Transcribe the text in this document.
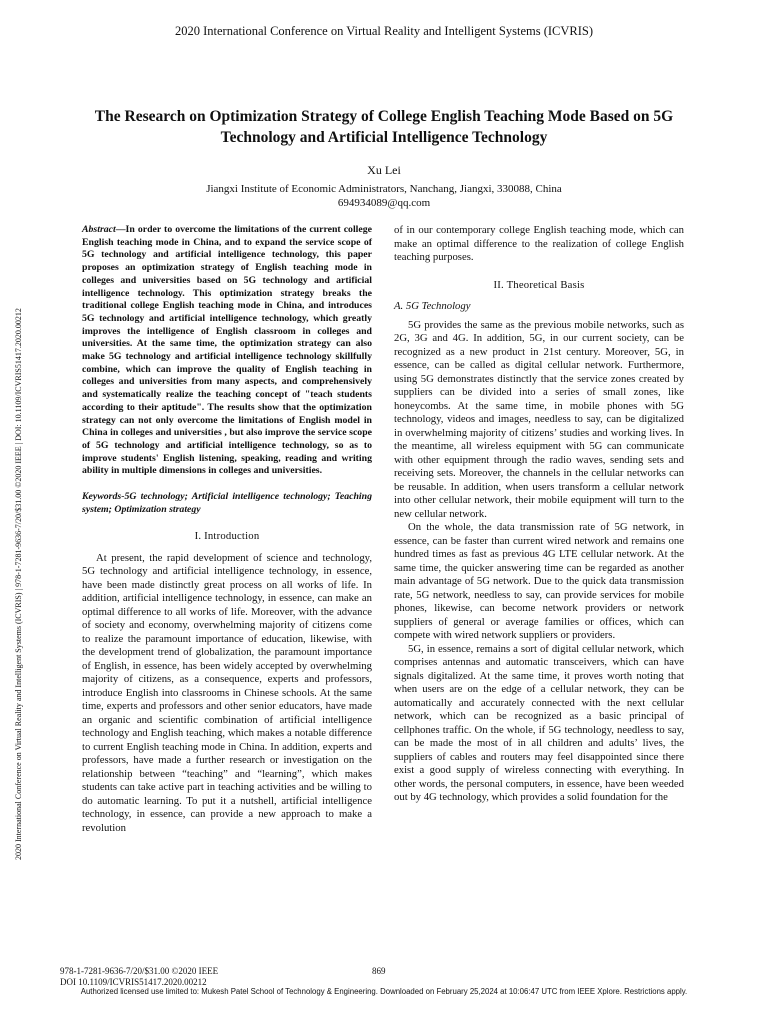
2020 International Conference on Virtual Reality and Intelligent Systems (ICVRIS)
2020 International Conference on Virtual Reality and Intelligent Systems (ICVRIS) | 978-1-7281-9636-7/20/$31.00 ©2020 IEEE | DOI: 10.1109/ICVRIS51417.2020.00212
The Research on Optimization Strategy of College English Teaching Mode Based on 5G Technology and Artificial Intelligence Technology
Xu Lei
Jiangxi Institute of Economic Administrators, Nanchang, Jiangxi, 330088, China
694934089@qq.com
Abstract—In order to overcome the limitations of the current college English teaching mode in China, and to expand the service scope of 5G technology and artificial intelligence technology, this paper proposes an optimization strategy of English teaching mode in colleges and universities based on 5G technology and artificial intelligence technology. This optimization strategy breaks the traditional college English teaching mode in China, and introduces 5G technology and artificial intelligence technology, which greatly improves the intelligence of English classroom in colleges and universities. At the same time, the optimization strategy can also make 5G technology and artificial intelligence technology skillfully combine, which can improve the quality of English teaching in colleges and universities from many aspects, and comprehensively and systematically realize the teaching concept of "teach students according to their aptitude". The results show that the optimization strategy can not only overcome the limitations of English model in China in colleges and universities , but also improve the service scope of 5G technology and artificial intelligence technology, so as to improve students' English listening, speaking, reading and writing ability in multiple dimensions in colleges and universities.
Keywords-5G technology; Artificial intelligence technology; Teaching system; Optimization strategy
I. Introduction

At present, the rapid development of science and technology, 5G technology and artificial intelligence technology, in essence, have been made distinctly great process on all works of life. In addition, artificial intelligence technology, in essence, can make an optimal difference to all works of life. Moreover, with the advance of society and economy, overwhelming majority of citizens come to realize the paramount importance of education, likewise, with the development trend of globalization, the paramount importance of English, in essence, has been widely accepted by overwhelming majority of citizens, as a consequence, experts and professors, introduce English into classrooms in Chinese schools. At the same time, experts and professors and other senior educators, have made an organic and scientific combination of artificial intelligence technology and English teaching, which makes a notable difference to current English teaching mode in China. In addition, experts and professors, have made a further research or investigation on the relationship between “teaching” and “learning”, which makes students can take active part in teaching activities and be willing to do automatic learning. To put it a nutshell, artificial intelligence technology, in essence, can provide a new approach to make a revolution

of in our contemporary college English teaching mode, which can make an optimal difference to the realization of college English teaching purposes.

II. Theoretical Basis
A. 5G Technology

5G provides the same as the previous mobile networks, such as 2G, 3G and 4G. In addition, 5G, in our current society, can be recognized as a new product in 21st century. Moreover, 5G, in essence, can be called as digital cellular network. Furthermore, using 5G demonstrates distinctly that the service zones created by suppliers can be divided into a series of small zones, like honeycombs. At the same time, in mobile phones with 5G technology, videos and images, needless to say, can be digitalized in overwhelming majority of citizens’ studies and working lives. In the meantime, all wireless equipment with 5G can communicate with other equipment through the radio waves, sending sets and receiving sets. Moreover, the channels in the cellular networks can be reusable. In addition, when users transform a cellular network into other cellular network, their mobile equipment will turn to the new cellular network.

On the whole, the data transmission rate of 5G network, in essence, can be faster than current wired network and remains one hundred times as fast as previous 4G LTE cellular network. At the same time, the quicker answering time can be regarded as another main advantage of 5G network. Due to the quick data transmission rate, 5G network, needless to say, can provide services for mobile phones, likewise, can become network providers or network suppliers of general or average families or offices, which can compete with wired network suppliers or providers.

5G, in essence, remains a sort of digital cellular network, which comprises antennas and automatic transceivers, which can have signals digitalized. At the same time, it proves worth noting that when users are on the edge of a cellular network, they can be automatically and accurately connected with the next cellular network, which can be recognized as a basic principal of cellphones traffic. On the whole, if 5G technology, needless to say, can be made the most of in all children and adults’ lives, the suppliers of cables and routers may feel disappointed since there exist a good supply of wireless connecting with everything. In other words, the personal computers, in essence, have been weeded out by 4G technology, which provides a solid foundation for the

978-1-7281-9636-7/20/$31.00 ©2020 IEEE
DOI 10.1109/ICVRIS51417.2020.00212
869
Authorized licensed use limited to: Mukesh Patel School of Technology & Engineering. Downloaded on February 25,2024 at 10:06:47 UTC from IEEE Xplore. Restrictions apply.
